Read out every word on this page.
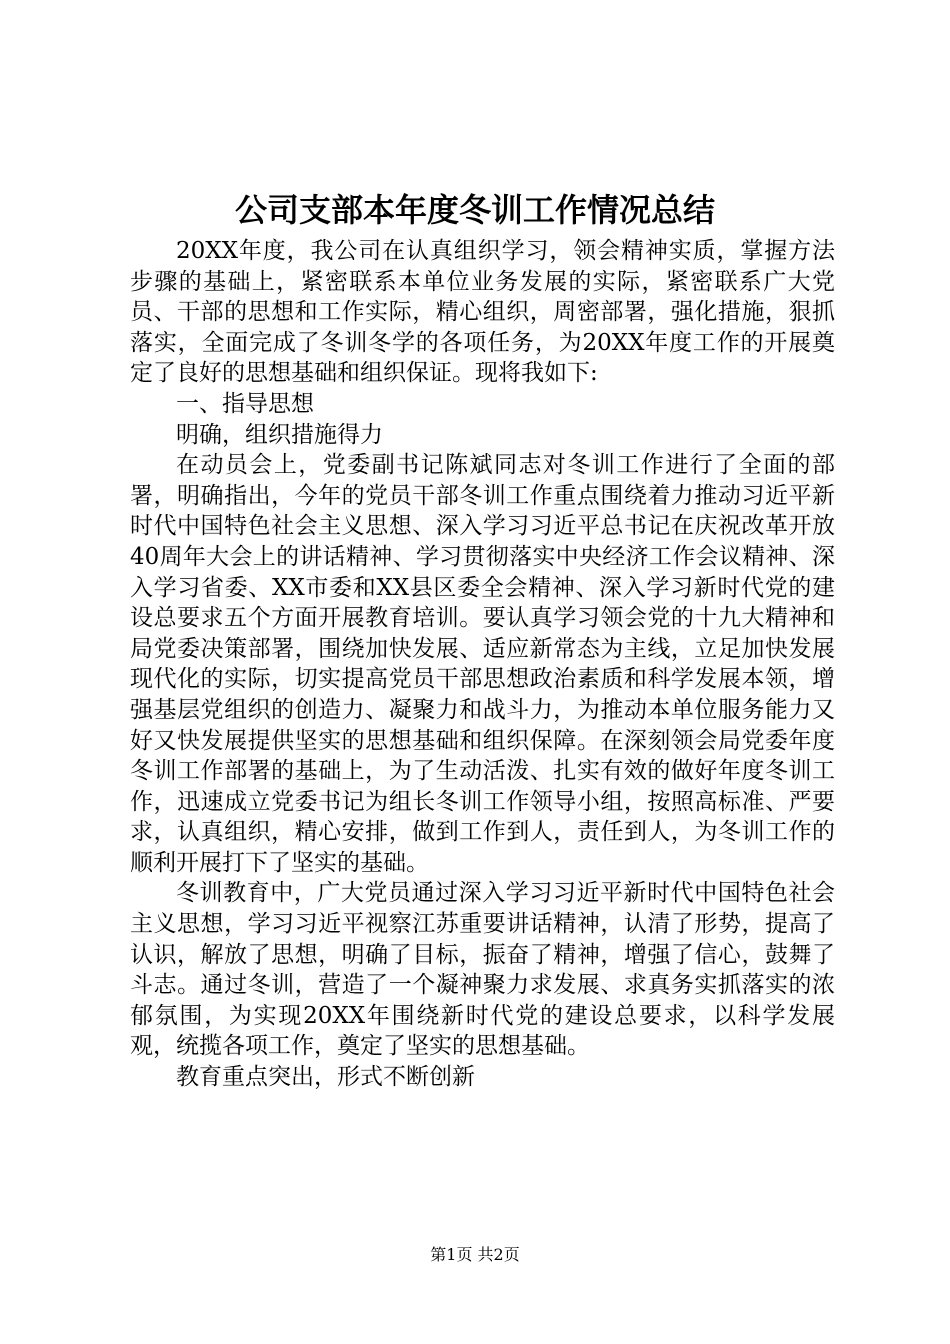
公司支部本年度冬训工作情况总结

20XX年度，我公司在认真组织学习，领会精神实质，掌握方法步骤的基础上，紧密联系本单位业务发展的实际，紧密联系广大党员、干部的思想和工作实际，精心组织，周密部署，强化措施，狠抓落实，全面完成了冬训冬学的各项任务，为20XX年度工作的开展奠定了良好的思想基础和组织保证。现将我如下:

一、指导思想

明确，组织措施得力

在动员会上，党委副书记陈斌同志对冬训工作进行了全面的部署，明确指出，今年的党员干部冬训工作重点围绕着力推动习近平新时代中国特色社会主义思想、深入学习习近平总书记在庆祝改革开放40周年大会上的讲话精神、学习贯彻落实中央经济工作会议精神、深入学习省委、XX市委和XX县区委全会精神、深入学习新时代党的建设总要求五个方面开展教育培训。要认真学习领会党的十九大精神和局党委决策部署，围绕加快发展、适应新常态为主线，立足加快发展现代化的实际，切实提高党员干部思想政治素质和科学发展本领，增强基层党组织的创造力、凝聚力和战斗力，为推动本单位服务能力又好又快发展提供坚实的思想基础和组织保障。在深刻领会局党委年度冬训工作部署的基础上，为了生动活泼、扎实有效的做好年度冬训工作，迅速成立党委书记为组长冬训工作领导小组，按照高标准、严要求，认真组织，精心安排，做到工作到人，责任到人，为冬训工作的顺利开展打下了坚实的基础。

冬训教育中，广大党员通过深入学习习近平新时代中国特色社会主义思想，学习习近平视察江苏重要讲话精神，认清了形势，提高了认识，解放了思想，明确了目标，振奋了精神，增强了信心，鼓舞了斗志。通过冬训，营造了一个凝神聚力求发展、求真务实抓落实的浓郁氛围，为实现20XX年围绕新时代党的建设总要求，以科学发展观，统揽各项工作，奠定了坚实的思想基础。

教育重点突出，形式不断创新

第1页 共2页
